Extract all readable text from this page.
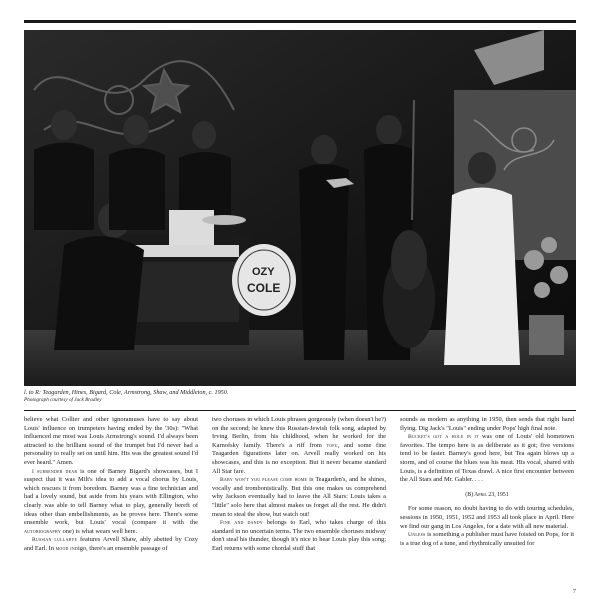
OZY
COLE
l. to R: Teagarden, Hines, Bigard, Cole, Armstrong, Shaw, and Middleton, c. 1950.
Photograph courtesy of Jack Bradley

believe what Collier and other ignoramuses have to say about Louis' influence on trumpeters having ended by the '30s): "What influenced me most was Louis Armstrong's sound. I'd always been attracted to the brilliant sound of the trumpet but I'd never had a personality to really set on until him. His was the greatest sound I'd ever heard." Amen.

I surrender dear is one of Barney Bigard's showcases, but I suspect that it was Milt's idea to add a vocal chorus by Louis, which rescues it from boredom. Barney was a fine technician and had a lovely sound, but aside from his years with Ellington, who clearly was able to tell Barney what to play, generally bereft of ideas other than embellishments, as he proves here. There's some ensemble work, but Louis' vocal (compare it with the autobiography one) is what wears well here.

Russian lullabye features Arvell Shaw, ably abetted by Cozy and Earl. In mood indigo, there's an ensemble passage of

two choruses in which Louis phrases gorgeously (when doesn't he?) on the second; he knew this Russian-Jewish folk song, adapted by Irving Berlin, from his childhood, when he worked for the Karnofsky family. There's a riff from tofu, and some fine Teagarden figurations later on. Arvell really worked on his showcases, and this is no exception. But it never became standard All Star fare.

Baby won't you please come home is Teagarden's, and he shines, vocally and trombonistically. But this one makes us comprehend why Jackson eventually had to leave the All Stars: Louis takes a "little" solo here that almost makes us forget all the rest. He didn't mean to steal the show, but watch out!

Fine and dandy belongs to Earl, who takes charge of this standard in no uncertain terms. The two ensemble choruses midway don't steal his thunder, though it's nice to hear Louis play this song; Earl returns with some chordal stuff that

sounds as modern as anything in 1950, then sends that right hand flying. Dig Jack's "Louis" ending under Pops' high final note.

Bucket's got a hole in it was one of Louis' old hometown favorites. The tempo here is as deliberate as it got; five versions tend to be faster. Barney's good here, but Tea again blows up a storm, and of course the blues was his meat. His vocal, shared with Louis, is a definition of Texas drawl. A nice first encounter between the All Stars and Mr. Gabler. . . .

(B) April 23, 1951

For some reason, no doubt having to do with touring schedules, sessions in 1950, 1951, 1952 and 1953 all took place in April. Here we find our gang in Los Angeles, for a date with all new material.

Unless is something a publisher must have foisted on Pops, for it is a true dog of a tune, and rhythmically unsuited for

7
